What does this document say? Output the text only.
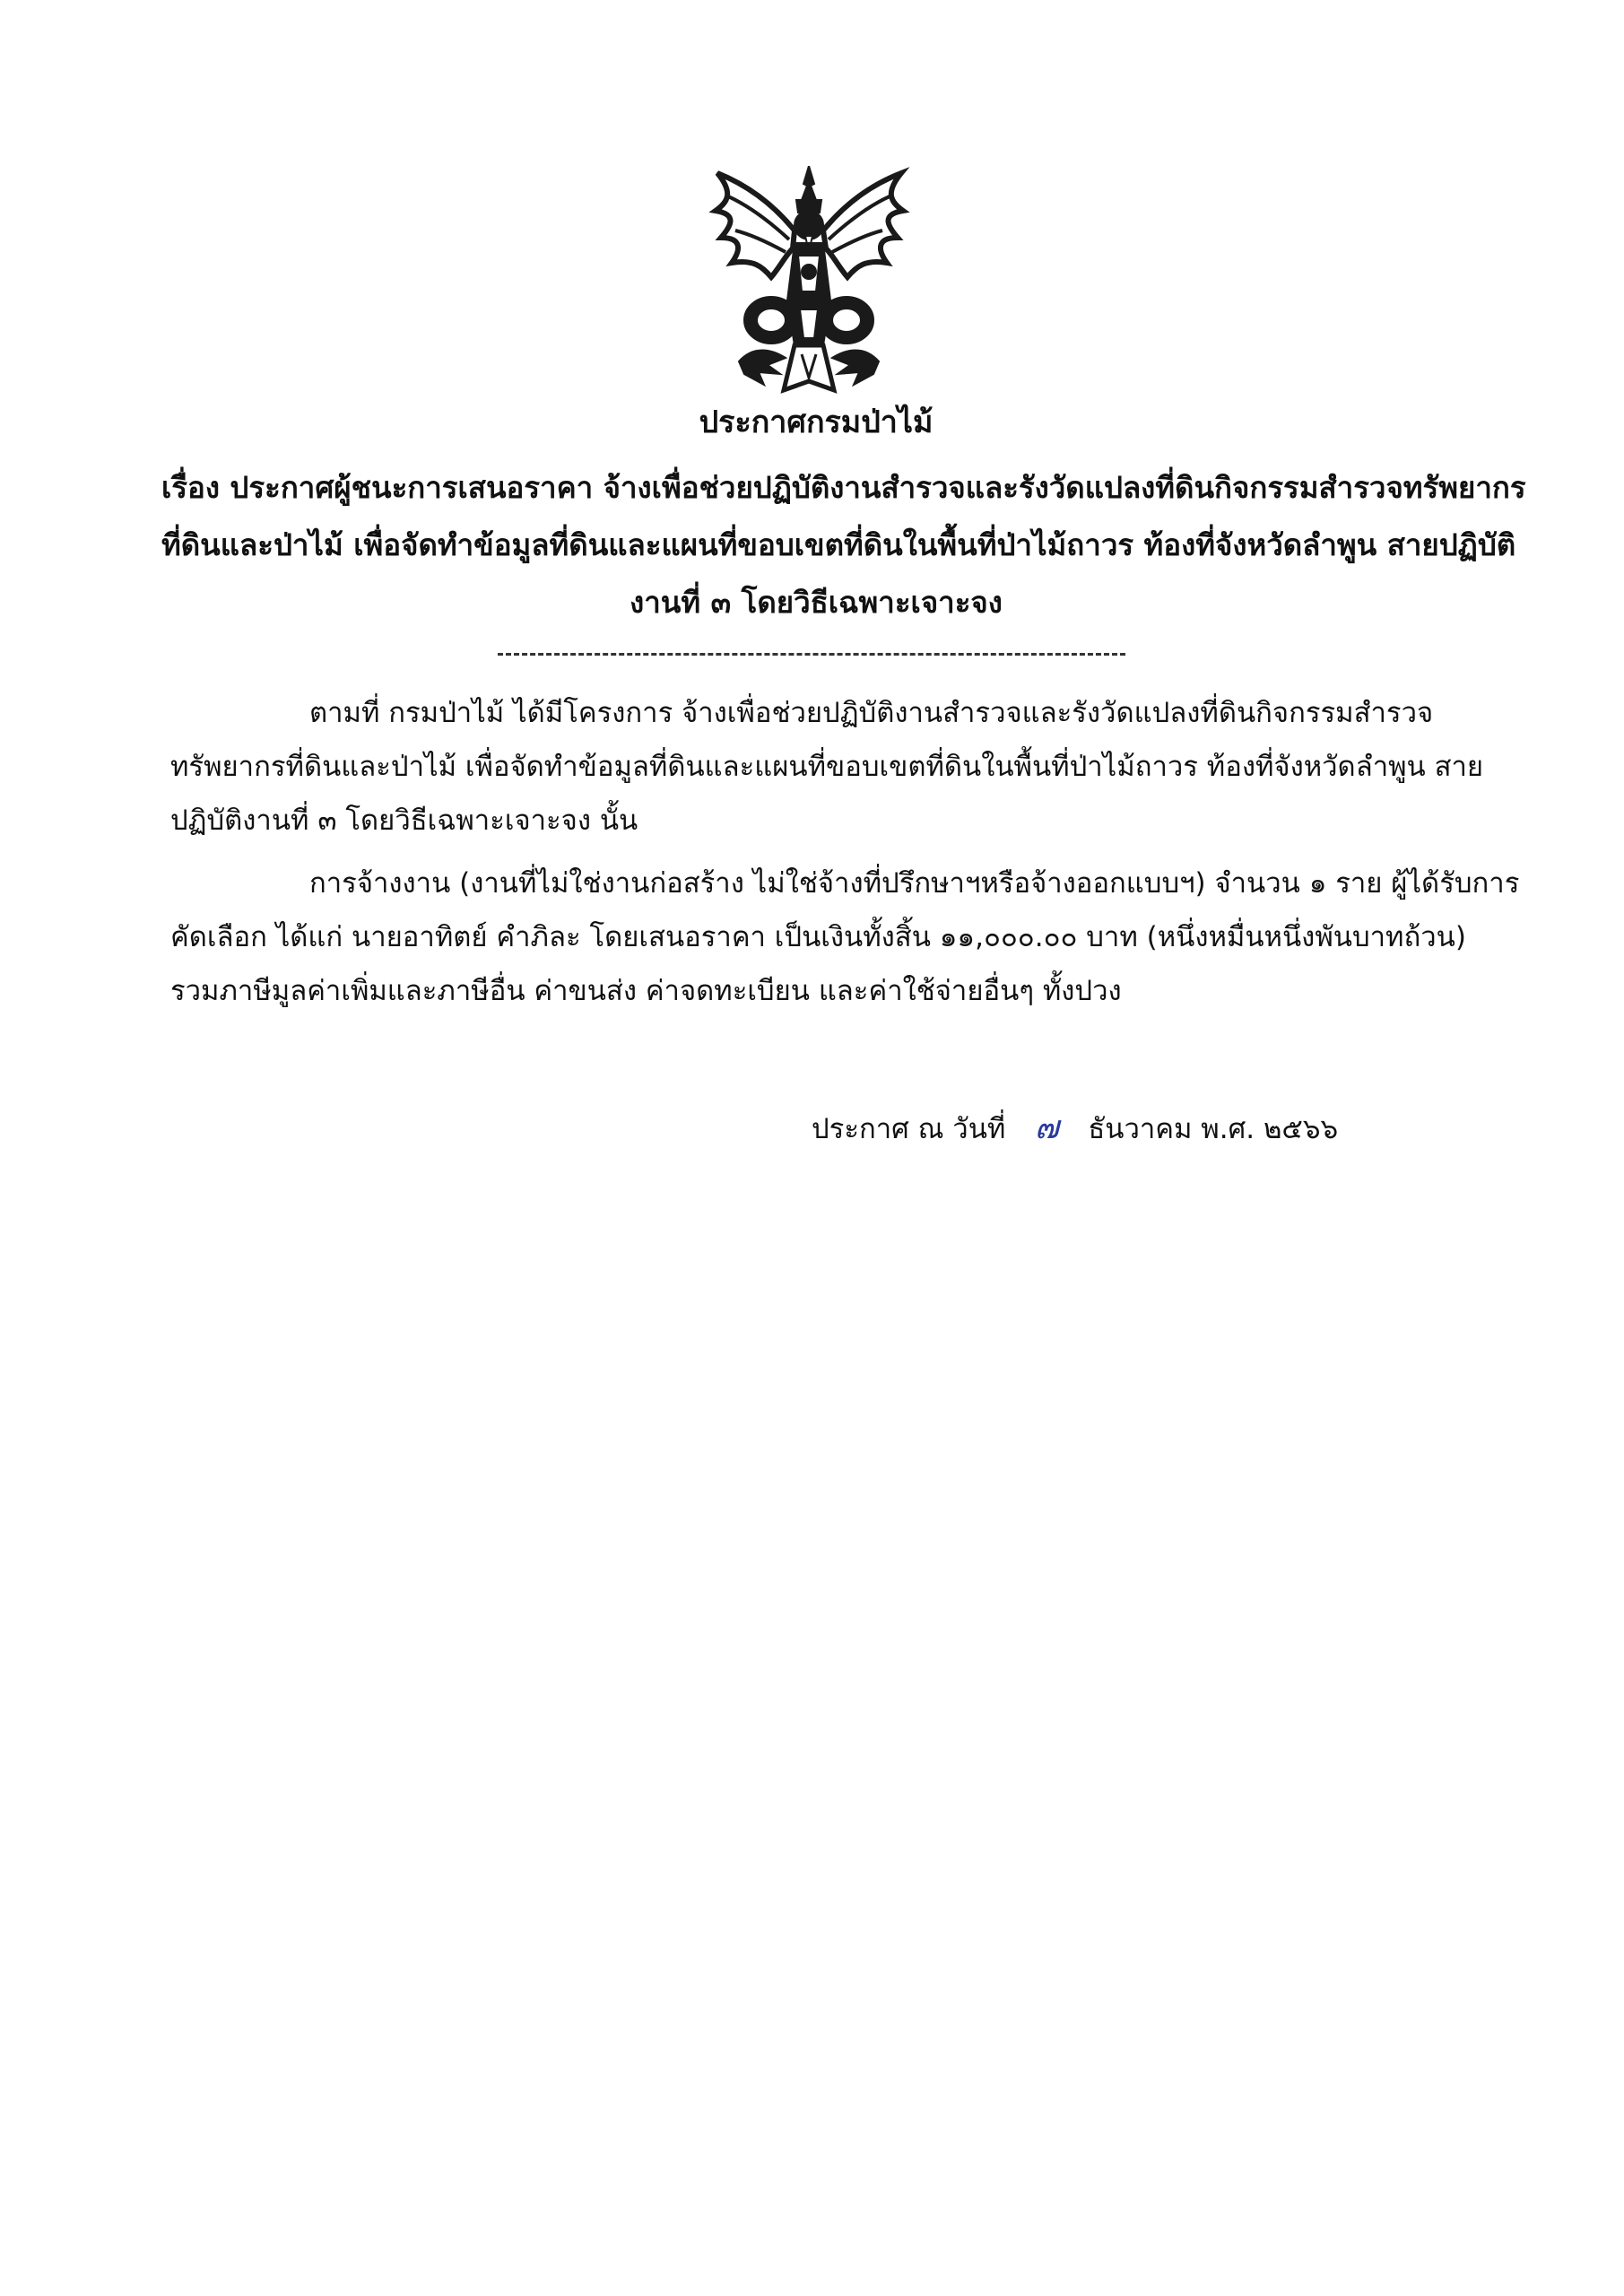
ประกาศกรมป่าไม้
เรื่อง ประกาศผู้ชนะการเสนอราคา จ้างเพื่อช่วยปฏิบัติงานสำรวจและรังวัดแปลงที่ดินกิจกรรมสำรวจทรัพยากร
ที่ดินและป่าไม้ เพื่อจัดทำข้อมูลที่ดินและแผนที่ขอบเขตที่ดินในพื้นที่ป่าไม้ถาวร ท้องที่จังหวัดลำพูน สายปฏิบัติ
งานที่ ๓ โดยวิธีเฉพาะเจาะจง
ตามที่ กรมป่าไม้ ได้มีโครงการ จ้างเพื่อช่วยปฏิบัติงานสำรวจและรังวัดแปลงที่ดินกิจกรรมสำรวจ
ทรัพยากรที่ดินและป่าไม้ เพื่อจัดทำข้อมูลที่ดินและแผนที่ขอบเขตที่ดินในพื้นที่ป่าไม้ถาวร ท้องที่จังหวัดลำพูน สาย
ปฏิบัติงานที่ ๓ โดยวิธีเฉพาะเจาะจง นั้น
การจ้างงาน (งานที่ไม่ใช่งานก่อสร้าง ไม่ใช่จ้างที่ปรึกษาฯหรือจ้างออกแบบฯ) จำนวน ๑ ราย ผู้ได้รับการ
คัดเลือก ได้แก่ นายอาทิตย์ คำภิละ โดยเสนอราคา เป็นเงินทั้งสิ้น ๑๑,๐๐๐.๐๐ บาท (หนึ่งหมื่นหนึ่งพันบาทถ้วน)
รวมภาษีมูลค่าเพิ่มและภาษีอื่น ค่าขนส่ง ค่าจดทะเบียน และค่าใช้จ่ายอื่นๆ ทั้งปวง
ประกาศ ณ วันที่ ๗ ธันวาคม พ.ศ. ๒๕๖๖
